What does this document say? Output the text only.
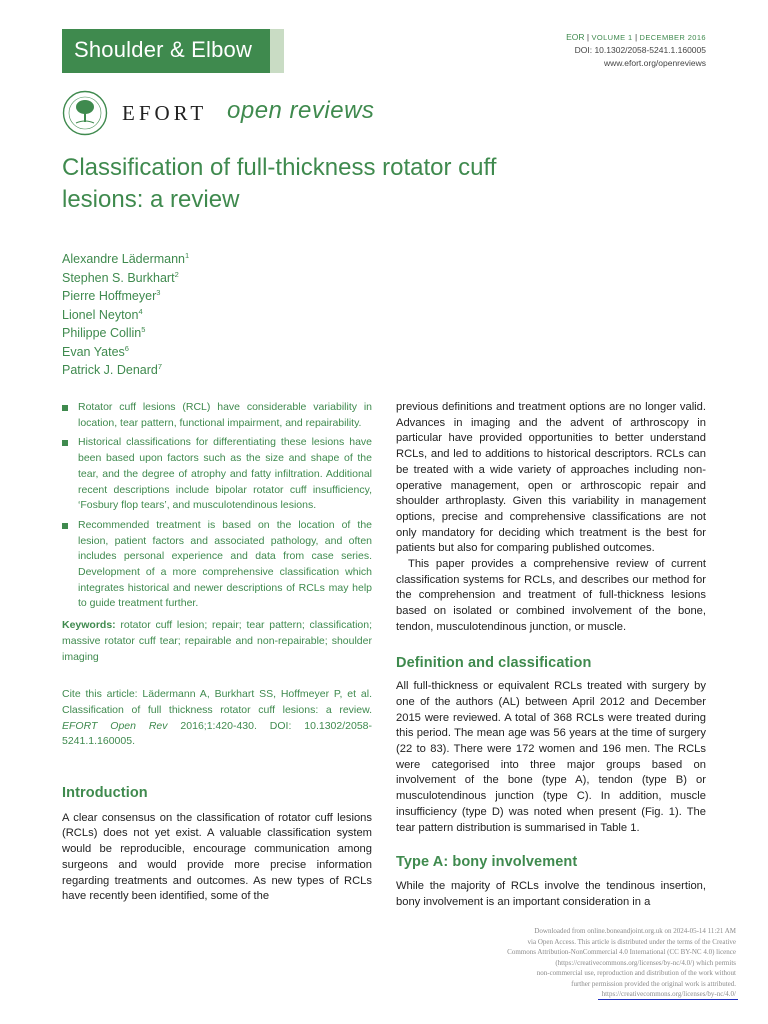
Shoulder & Elbow	EOR | VOLUME 1 | DECEMBER 2016
DOI: 10.1302/2058-5241.1.160005
www.efort.org/openreviews
EFORT open reviews
Classification of full-thickness rotator cuff lesions: a review
Alexandre Lädermann$^1$
Stephen S. Burkhart$^2$
Pierre Hoffmeyer$^3$
Lionel Neyton$^4$
Philippe Collin$^5$
Evan Yates$^6$
Patrick J. Denard$^7$
Rotator cuff lesions (RCL) have considerable variability in location, tear pattern, functional impairment, and repairability.
Historical classifications for differentiating these lesions have been based upon factors such as the size and shape of the tear, and the degree of atrophy and fatty infiltration. Additional recent descriptions include bipolar rotator cuff insufficiency, ‘Fosbury flop tears’, and musculotendinous lesions.
Recommended treatment is based on the location of the lesion, patient factors and associated pathology, and often includes personal experience and data from case series. Development of a more comprehensive classification which integrates historical and newer descriptions of RCLs may help to guide treatment further.

Keywords: rotator cuff lesion; repair; tear pattern; classification; massive rotator cuff tear; repairable and non-repairable; shoulder imaging

Cite this article: Lädermann A, Burkhart SS, Hoffmeyer P, et al. Classification of full thickness rotator cuff lesions: a review. EFORT Open Rev 2016;1:420-430. DOI: 10.1302/2058-5241.1.160005.

Introduction

A clear consensus on the classification of rotator cuff lesions (RCLs) does not yet exist. A valuable classification system would be reproducible, encourage communication among surgeons and would provide more precise information regarding treatments and outcomes. As new types of RCLs have recently been identified, some of the

previous definitions and treatment options are no longer valid. Advances in imaging and the advent of arthroscopy in particular have provided opportunities to better understand RCLs, and led to additions to historical descriptors. RCLs can be treated with a wide variety of approaches including non-operative management, open or arthroscopic repair and shoulder arthroplasty. Given this variability in management options, precise and comprehensive classifications are not only mandatory for deciding which treatment is the best for patients but also for comparing published outcomes.

This paper provides a comprehensive review of current classification systems for RCLs, and describes our method for the comprehension and treatment of full-thickness lesions based on isolated or combined involvement of the bone, tendon, musculotendinous junction, or muscle.

Definition and classification

All full-thickness or equivalent RCLs treated with surgery by one of the authors (AL) between April 2012 and December 2015 were reviewed. A total of 368 RCLs were treated during this period. The mean age was 56 years at the time of surgery (22 to 83). There were 172 women and 196 men. The RCLs were categorised into three major groups based on involvement of the bone (type A), tendon (type B) or musculotendinous junction (type C). In addition, muscle insufficiency (type D) was noted when present (Fig. 1). The tear pattern distribution is summarised in Table 1.

Type A: bony involvement

While the majority of RCLs involve the tendinous insertion, bony involvement is an important consideration in a

Downloaded from online.boneandjoint.org.uk on 2024-05-14 11:21 AM
via Open Access. This article is distributed under the terms of the Creative
Commons Attribution-NonCommercial 4.0 International (CC BY-NC 4.0) licence
(https://creativecommons.org/licenses/by-nc/4.0/) which permits
non-commercial use, reproduction and distribution of the work without
further permission provided the original work is attributed.
https://creativecommons.org/licenses/by-nc/4.0/
